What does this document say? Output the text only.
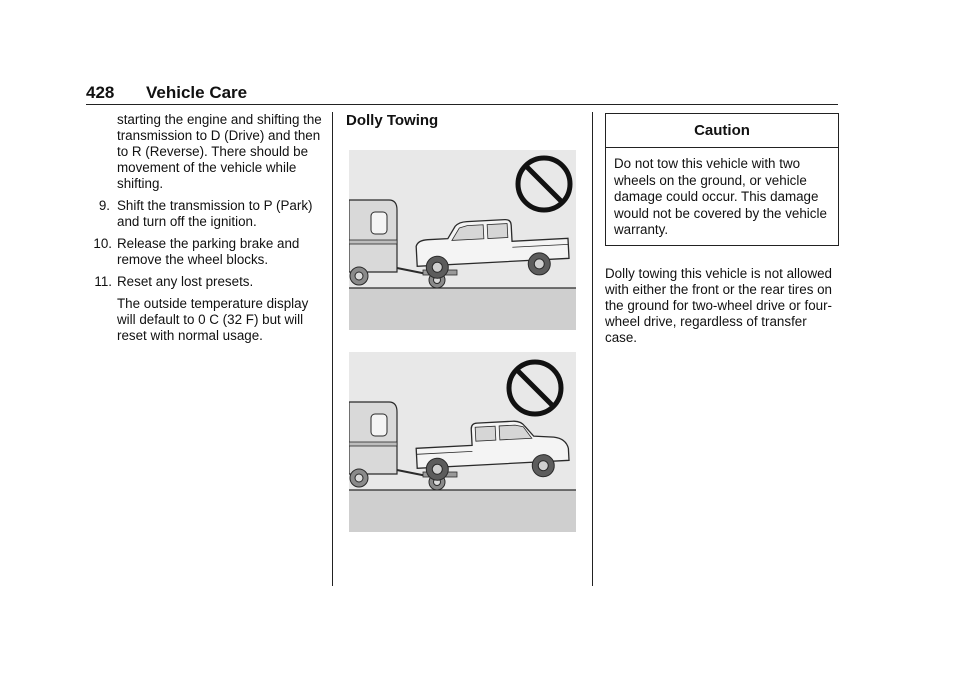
428 Vehicle Care

starting the engine and shifting the transmission to D (Drive) and then to R (Reverse). There should be movement of the vehicle while shifting.

9. Shift the transmission to P (Park) and turn off the ignition.

10. Release the parking brake and remove the wheel blocks.

11. Reset any lost presets.

The outside temperature display will default to 0 C (32 F) but will reset with normal usage.

Dolly Towing
Caution

Do not tow this vehicle with two wheels on the ground, or vehicle damage could occur. This damage would not be covered by the vehicle warranty.

Dolly towing this vehicle is not allowed with either the front or the rear tires on the ground for two-wheel drive or four-wheel drive, regardless of transfer case.
